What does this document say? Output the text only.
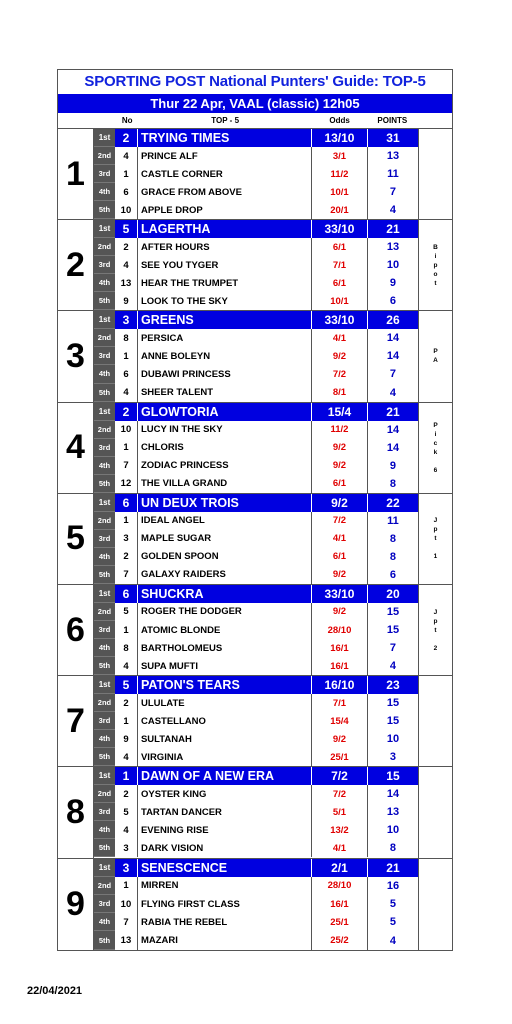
SPORTING POST National Punters' Guide: TOP-5
Thur 22 Apr, VAAL (classic) 12h05
No	TOP - 5	Odds	POINTS
1
1st	2 TRYING TIMES	13/10	31
2nd	4	PRINCE ALF	3/1	13
3rd	1	CASTLE CORNER	11/2	11
4th	6	GRACE FROM ABOVE	10/1	7
5th	10	APPLE DROP	20/1	4
2
1st	5 LAGERTHA	33/10	21
2nd	2	AFTER HOURS	6/1	13
3rd	4	SEE YOU TYGER	7/1	10
4th	13	HEAR THE TRUMPET	6/1	9
5th	9	LOOK TO THE SKY	10/1	6
B
i
p
o
t
3
1st	3 GREENS	33/10	26
2nd	8	PERSICA	4/1	14
3rd	1	ANNE BOLEYN	9/2	14
4th	6	DUBAWI PRINCESS	7/2	7
5th	4	SHEER TALENT	8/1	4
P
A
4
1st	2 GLOWTORIA	15/4	21
2nd	10	LUCY IN THE SKY	11/2	14
3rd	1	CHLORIS	9/2	14
4th	7	ZODIAC PRINCESS	9/2	9
5th	12	THE VILLA GRAND	6/1	8
P
i
c
k

6
5
1st	6 UN DEUX TROIS	9/2	22
2nd	1	IDEAL ANGEL	7/2	11
3rd	3	MAPLE SUGAR	4/1	8
4th	2	GOLDEN SPOON	6/1	8
5th	7	GALAXY RAIDERS	9/2	6
J
p
t

1
6
1st	6 SHUCKRA	33/10	20
2nd	5	ROGER THE DODGER	9/2	15
3rd	1	ATOMIC BLONDE	28/10	15
4th	8	BARTHOLOMEUS	16/1	7
5th	4	SUPA MUFTI	16/1	4
J
p
t

2
7
1st	5 PATON'S TEARS	16/10	23
2nd	2	ULULATE	7/1	15
3rd	1	CASTELLANO	15/4	15
4th	9	SULTANAH	9/2	10
5th	4	VIRGINIA	25/1	3
8
1st	1 DAWN OF A NEW ERA	7/2	15
2nd	2	OYSTER KING	7/2	14
3rd	5	TARTAN DANCER	5/1	13
4th	4	EVENING RISE	13/2	10
5th	3	DARK VISION	4/1	8
9
1st	3 SENESCENCE	2/1	21
2nd	1	MIRREN	28/10	16
3rd	10	FLYING FIRST CLASS	16/1	5
4th	7	RABIA THE REBEL	25/1	5
5th	13	MAZARI	25/2	4
22/04/2021
